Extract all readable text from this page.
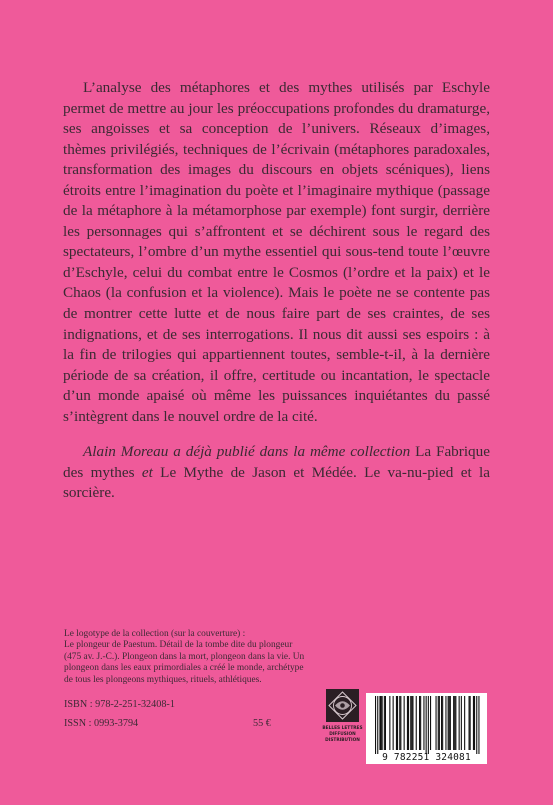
L’analyse des métaphores et des mythes utilisés par Eschyle permet de mettre au jour les préoccupations profondes du dramaturge, ses angoisses et sa conception de l’univers. Réseaux d’images, thèmes privilégiés, techniques de l’écrivain (métaphores paradoxales, transformation des images du discours en objets scéniques), liens étroits entre l’imagination du poète et l’imaginaire mythique (passage de la métaphore à la métamorphose par exemple) font surgir, derrière les personnages qui s’affrontent et se déchirent sous le regard des spectateurs, l’ombre d’un mythe essentiel qui sous-tend toute l’œuvre d’Eschyle, celui du combat entre le Cosmos (l’ordre et la paix) et le Chaos (la confusion et la violence). Mais le poète ne se contente pas de montrer cette lutte et de nous faire part de ses craintes, de ses indignations, et de ses interrogations. Il nous dit aussi ses espoirs : à la fin de trilogies qui appartiennent toutes, semble-t-il, à la dernière période de sa création, il offre, certitude ou incantation, le spectacle d’un monde apaisé où même les puissances inquiétantes du passé s’intègrent dans le nouvel ordre de la cité.

Alain Moreau a déjà publié dans la même collection La Fabrique des mythes et Le Mythe de Jason et Médée. Le va-nu-pied et la sorcière.

Le logotype de la collection (sur la couverture) :
Le plongeur de Paestum. Détail de la tombe dite du plongeur
(475 av. J.-C.). Plongeon dans la mort, plongeon dans la vie. Un
plongeon dans les eaux primordiales a créé le monde, archétype
de tous les plongeons mythiques, rituels, athlétiques.
ISBN : 978-2-251-32408-1
ISSN : 0993-3794	55 €	BELLES LETTRES
DIFFUSION
DISTRIBUTION
9 782251 324081
